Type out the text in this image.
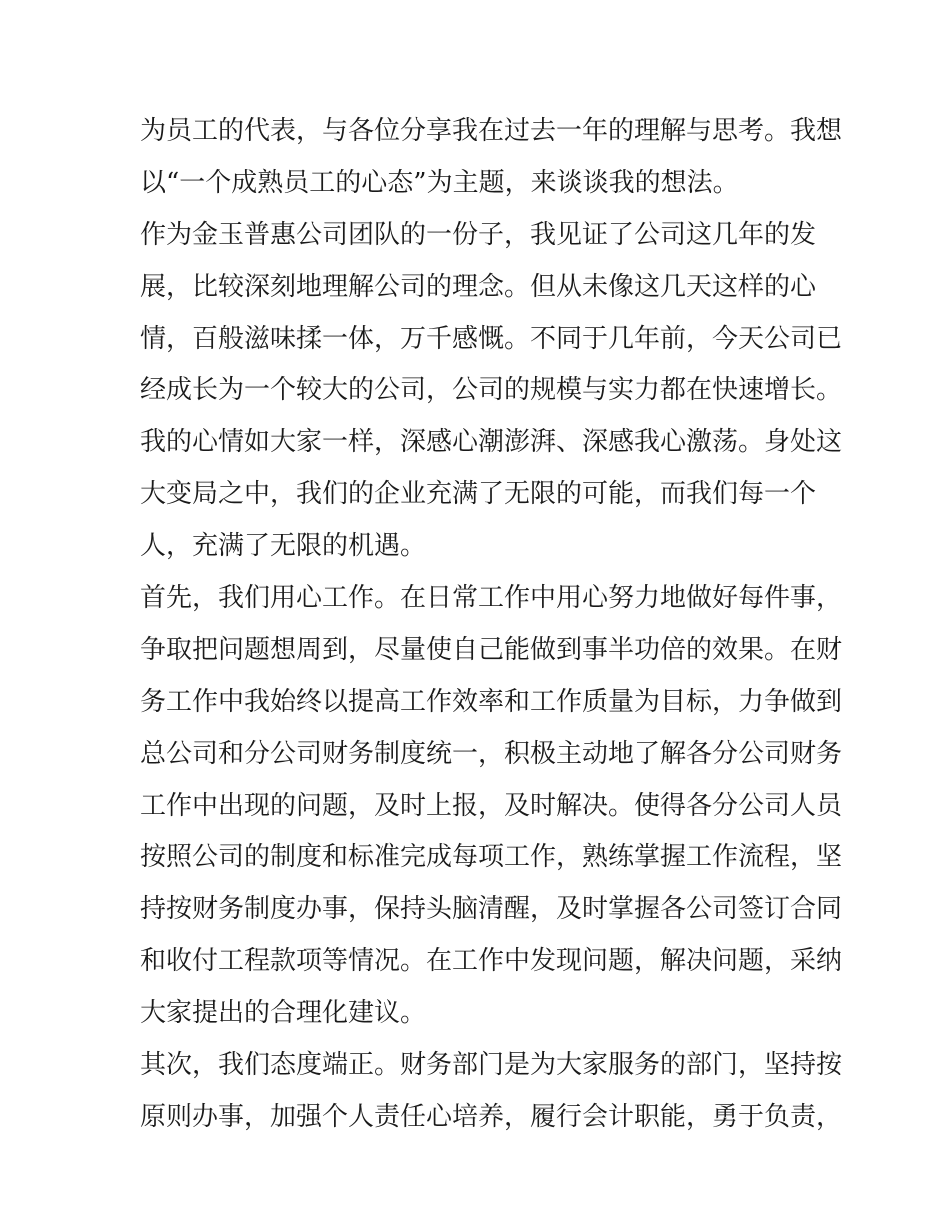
为员工的代表，与各位分享我在过去一年的理解与思考。我想
以“一个成熟员工的心态”为主题，来谈谈我的想法。
作为金玉普惠公司团队的一份子，我见证了公司这几年的发
展，比较深刻地理解公司的理念。但从未像这几天这样的心
情，百般滋味揉一体，万千感慨。不同于几年前，今天公司已
经成长为一个较大的公司，公司的规模与实力都在快速增长。
我的心情如大家一样，深感心潮澎湃、深感我心激荡。身处这
大变局之中，我们的企业充满了无限的可能，而我们每一个
人，充满了无限的机遇。
首先，我们用心工作。在日常工作中用心努力地做好每件事，
争取把问题想周到，尽量使自己能做到事半功倍的效果。在财
务工作中我始终以提高工作效率和工作质量为目标，力争做到
总公司和分公司财务制度统一，积极主动地了解各分公司财务
工作中出现的问题，及时上报，及时解决。使得各分公司人员
按照公司的制度和标准完成每项工作，熟练掌握工作流程，坚
持按财务制度办事，保持头脑清醒，及时掌握各公司签订合同
和收付工程款项等情况。在工作中发现问题，解决问题，采纳
大家提出的合理化建议。
其次，我们态度端正。财务部门是为大家服务的部门，坚持按
原则办事，加强个人责任心培养，履行会计职能，勇于负责，
